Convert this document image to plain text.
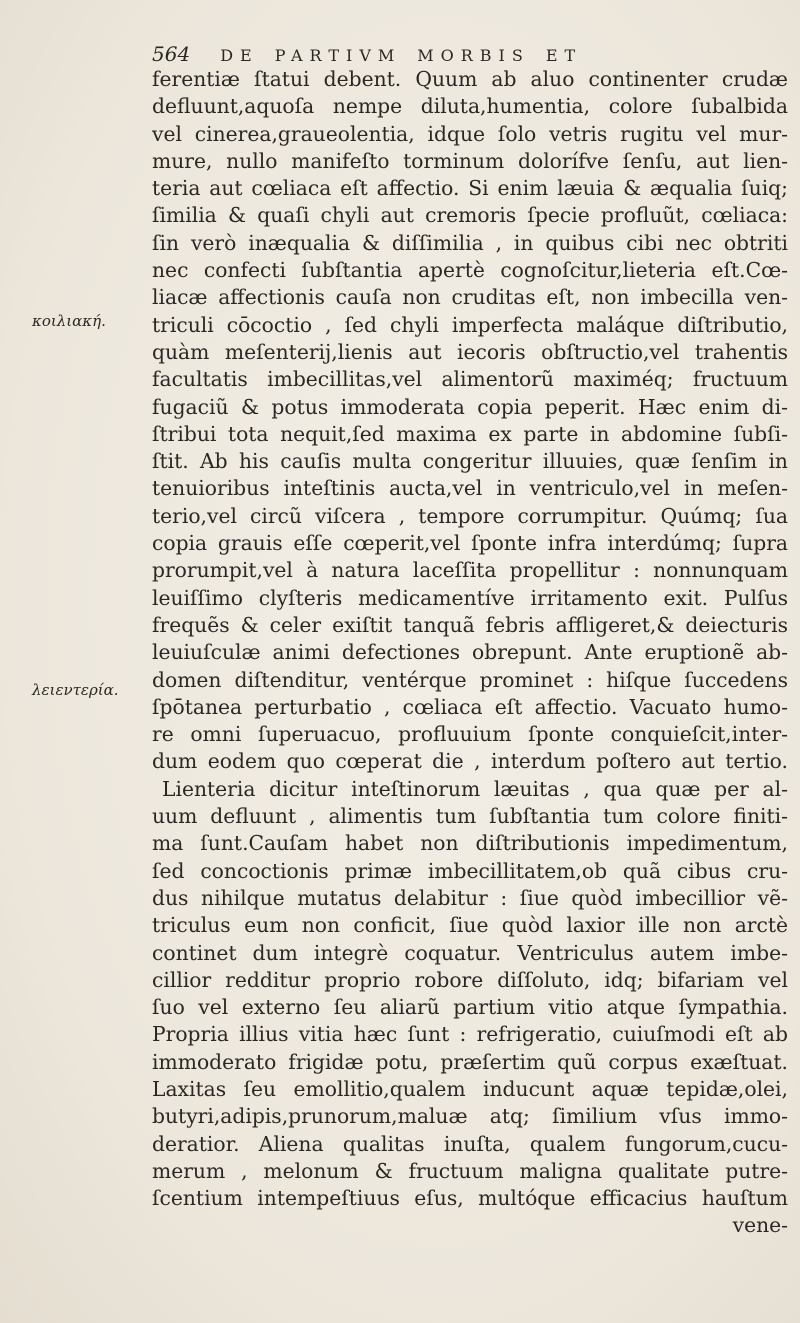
564 DE PARTIVM MORBIS ET
κοιλιακή.
λειεντερία.
ferentiæ ſtatui debent. Quum ab aluo continenter crudæ
defluunt,aquoſa nempe diluta,humentia, colore ſubalbida
vel cinerea,graueolentia, idque ſolo vetris rugitu vel mur-
mure, nullo manifeſto torminum dolorífve ſenſu, aut lien-
teria aut cœliaca eſt affectio. Si enim læuia & æqualia ſuiq;
ſimilia & quaſi chyli aut cremoris ſpecie profluũt, cœliaca:
ſin verò inæqualia & diſſimilia , in quibus cibi nec obtriti
nec confecti ſubſtantia apertè cognoſcitur,lieteria eſt.Cœ-
liacæ affectionis cauſa non cruditas eſt, non imbecilla ven-
triculi cōcoctio , ſed chyli imperfecta maláque diſtributio,
quàm meſenterij,lienis aut iecoris obſtructio,vel trahentis
facultatis imbecillitas,vel alimentorũ maximéq; fructuum
fugaciũ & potus immoderata copia peperit. Hæc enim di-
ſtribui tota nequit,ſed maxima ex parte in abdomine ſubſi-
ſtit. Ab his cauſis multa congeritur illuuies, quæ ſenſim in
tenuioribus inteſtinis aucta,vel in ventriculo,vel in meſen-
terio,vel circũ viſcera , tempore corrumpitur. Quúmq; ſua
copia grauis eſſe cœperit,vel ſponte infra interdúmq; ſupra
prorumpit,vel à natura laceſſita propellitur : nonnunquam
leuiſſimo clyſteris medicamentíve irritamento exit. Pulſus
frequẽs & celer exiſtit tanquã febris affligeret,& deiecturis
leuiuſculæ animi defectiones obrepunt. Ante eruptionẽ ab-
domen diſtenditur, ventérque prominet : hiſque ſuccedens
ſpōtanea perturbatio , cœliaca eſt affectio. Vacuato humo-
re omni ſuperuacuo, profluuium ſponte conquieſcit,inter-
dum eodem quo cœperat die , interdum poſtero aut tertio.
Lienteria dicitur inteſtinorum læuitas , qua quæ per al-
uum defluunt , alimentis tum ſubſtantia tum colore finiti-
ma ſunt.Cauſam habet non diſtributionis impedimentum,
ſed concoctionis primæ imbecillitatem,ob quã cibus cru-
dus nihilque mutatus delabitur : ſiue quòd imbecillior vẽ-
triculus eum non conficit, ſiue quòd laxior ille non arctè
continet dum integrè coquatur. Ventriculus autem imbe-
cillior redditur proprio robore diſſoluto, idq; bifariam vel
ſuo vel externo ſeu aliarũ partium vitio atque ſympathia.
Propria illius vitia hæc ſunt : refrigeratio, cuiuſmodi eſt ab
immoderato frigidæ potu, præſertim quũ corpus exæſtuat.
Laxitas ſeu emollitio,qualem inducunt aquæ tepidæ,olei,
butyri,adipis,prunorum,maluæ atq; ſimilium vſus immo-
deratior. Aliena qualitas inuſta, qualem fungorum,cucu-
merum , melonum & fructuum maligna qualitate putre-
ſcentium intempeſtiuus eſus, multóque efficacius hauſtum
vene-
